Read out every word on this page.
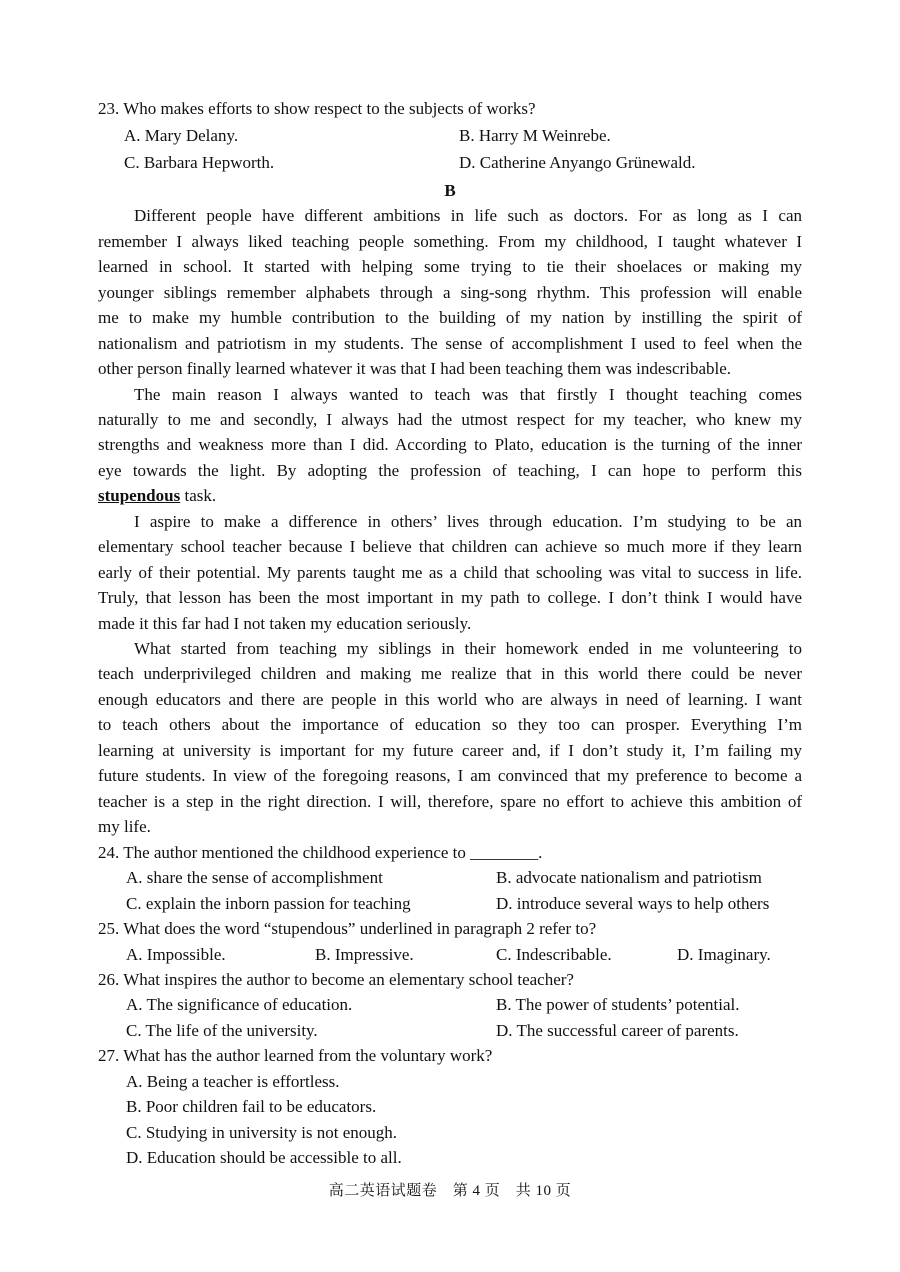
23. Who makes efforts to show respect to the subjects of works?
A. Mary Delany.	B. Harry M Weinrebe.
C. Barbara Hepworth.	D. Catherine Anyango Grünewald.
B
Different people have different ambitions in life such as doctors. For as long as I can
remember I always liked teaching people something. From my childhood, I taught whatever I
learned in school. It started with helping some trying to tie their shoelaces or making my
younger siblings remember alphabets through a sing-song rhythm. This profession will enable
me to make my humble contribution to the building of my nation by instilling the spirit of
nationalism and patriotism in my students. The sense of accomplishment I used to feel when the
other person finally learned whatever it was that I had been teaching them was indescribable.
The main reason I always wanted to teach was that firstly I thought teaching comes
naturally to me and secondly, I always had the utmost respect for my teacher, who knew my
strengths and weakness more than I did. According to Plato, education is the turning of the inner
eye towards the light. By adopting the profession of teaching, I can hope to perform this
stupendous task.
I aspire to make a difference in others’ lives through education. I’m studying to be an
elementary school teacher because I believe that children can achieve so much more if they learn
early of their potential. My parents taught me as a child that schooling was vital to success in life.
Truly, that lesson has been the most important in my path to college. I don’t think I would have
made it this far had I not taken my education seriously.
What started from teaching my siblings in their homework ended in me volunteering to
teach underprivileged children and making me realize that in this world there could be never
enough educators and there are people in this world who are always in need of learning. I want
to teach others about the importance of education so they too can prosper. Everything I’m
learning at university is important for my future career and, if I don’t study it, I’m failing my
future students. In view of the foregoing reasons, I am convinced that my preference to become a
teacher is a step in the right direction. I will, therefore, spare no effort to achieve this ambition of
my life.
24. The author mentioned the childhood experience to ________.
A. share the sense of accomplishment	B. advocate nationalism and patriotism
C. explain the inborn passion for teaching	D. introduce several ways to help others
25. What does the word “stupendous” underlined in paragraph 2 refer to?
A. Impossible.	B. Impressive.	C. Indescribable.	D. Imaginary.
26. What inspires the author to become an elementary school teacher?
A. The significance of education.	B. The power of students’ potential.
C. The life of the university.	D. The successful career of parents.
27. What has the author learned from the voluntary work?
A. Being a teacher is effortless.
B. Poor children fail to be educators.
C. Studying in university is not enough.
D. Education should be accessible to all.
高二英语试题卷　第 4 页　共 10 页
